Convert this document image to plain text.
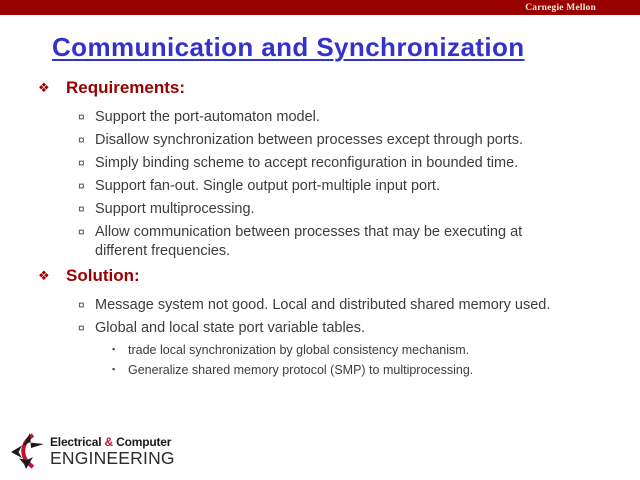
Carnegie Mellon
Communication and Synchronization
❖ Requirements:
¤ Support the port-automaton model.
¤ Disallow synchronization between processes except through ports.
¤ Simply binding scheme to accept reconfiguration in bounded time.
¤ Support fan-out. Single output port-multiple input port.
¤ Support multiprocessing.
¤ Allow communication between processes that may be executing at different frequencies.
❖ Solution:
¤ Message system not good. Local and distributed shared memory used.
¤ Global and local state port variable tables.
▪	trade local synchronization by global consistency mechanism.
▪	Generalize shared memory protocol (SMP) to multiprocessing.
Electrical & Computer
ENGINEERING
